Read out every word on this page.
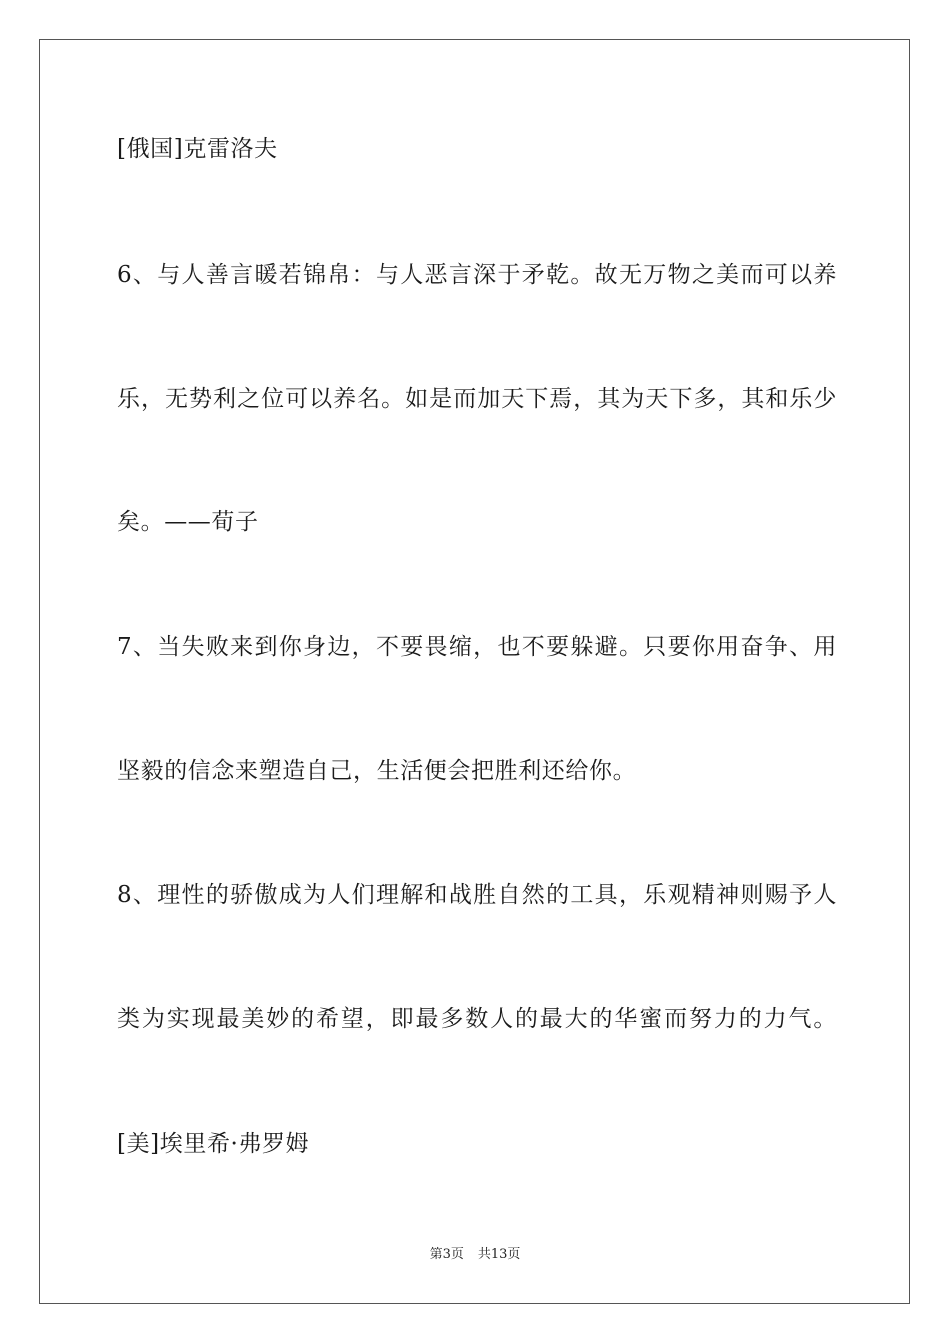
[俄国]克雷洛夫
6、与人善言暖若锦帛：与人恶言深于矛乾。故无万物之美而可以养
乐，无势利之位可以养名。如是而加天下焉，其为天下多，其和乐少
矣。——荀子
7、当失败来到你身边，不要畏缩，也不要躲避。只要你用奋争、用
坚毅的信念来塑造自己，生活便会把胜利还给你。
8、理性的骄傲成为人们理解和战胜自然的工具，乐观精神则赐予人
类为实现最美妙的希望，即最多数人的最大的华蜜而努力的力气。
[美]埃里希·弗罗姆
第3页 共13页
